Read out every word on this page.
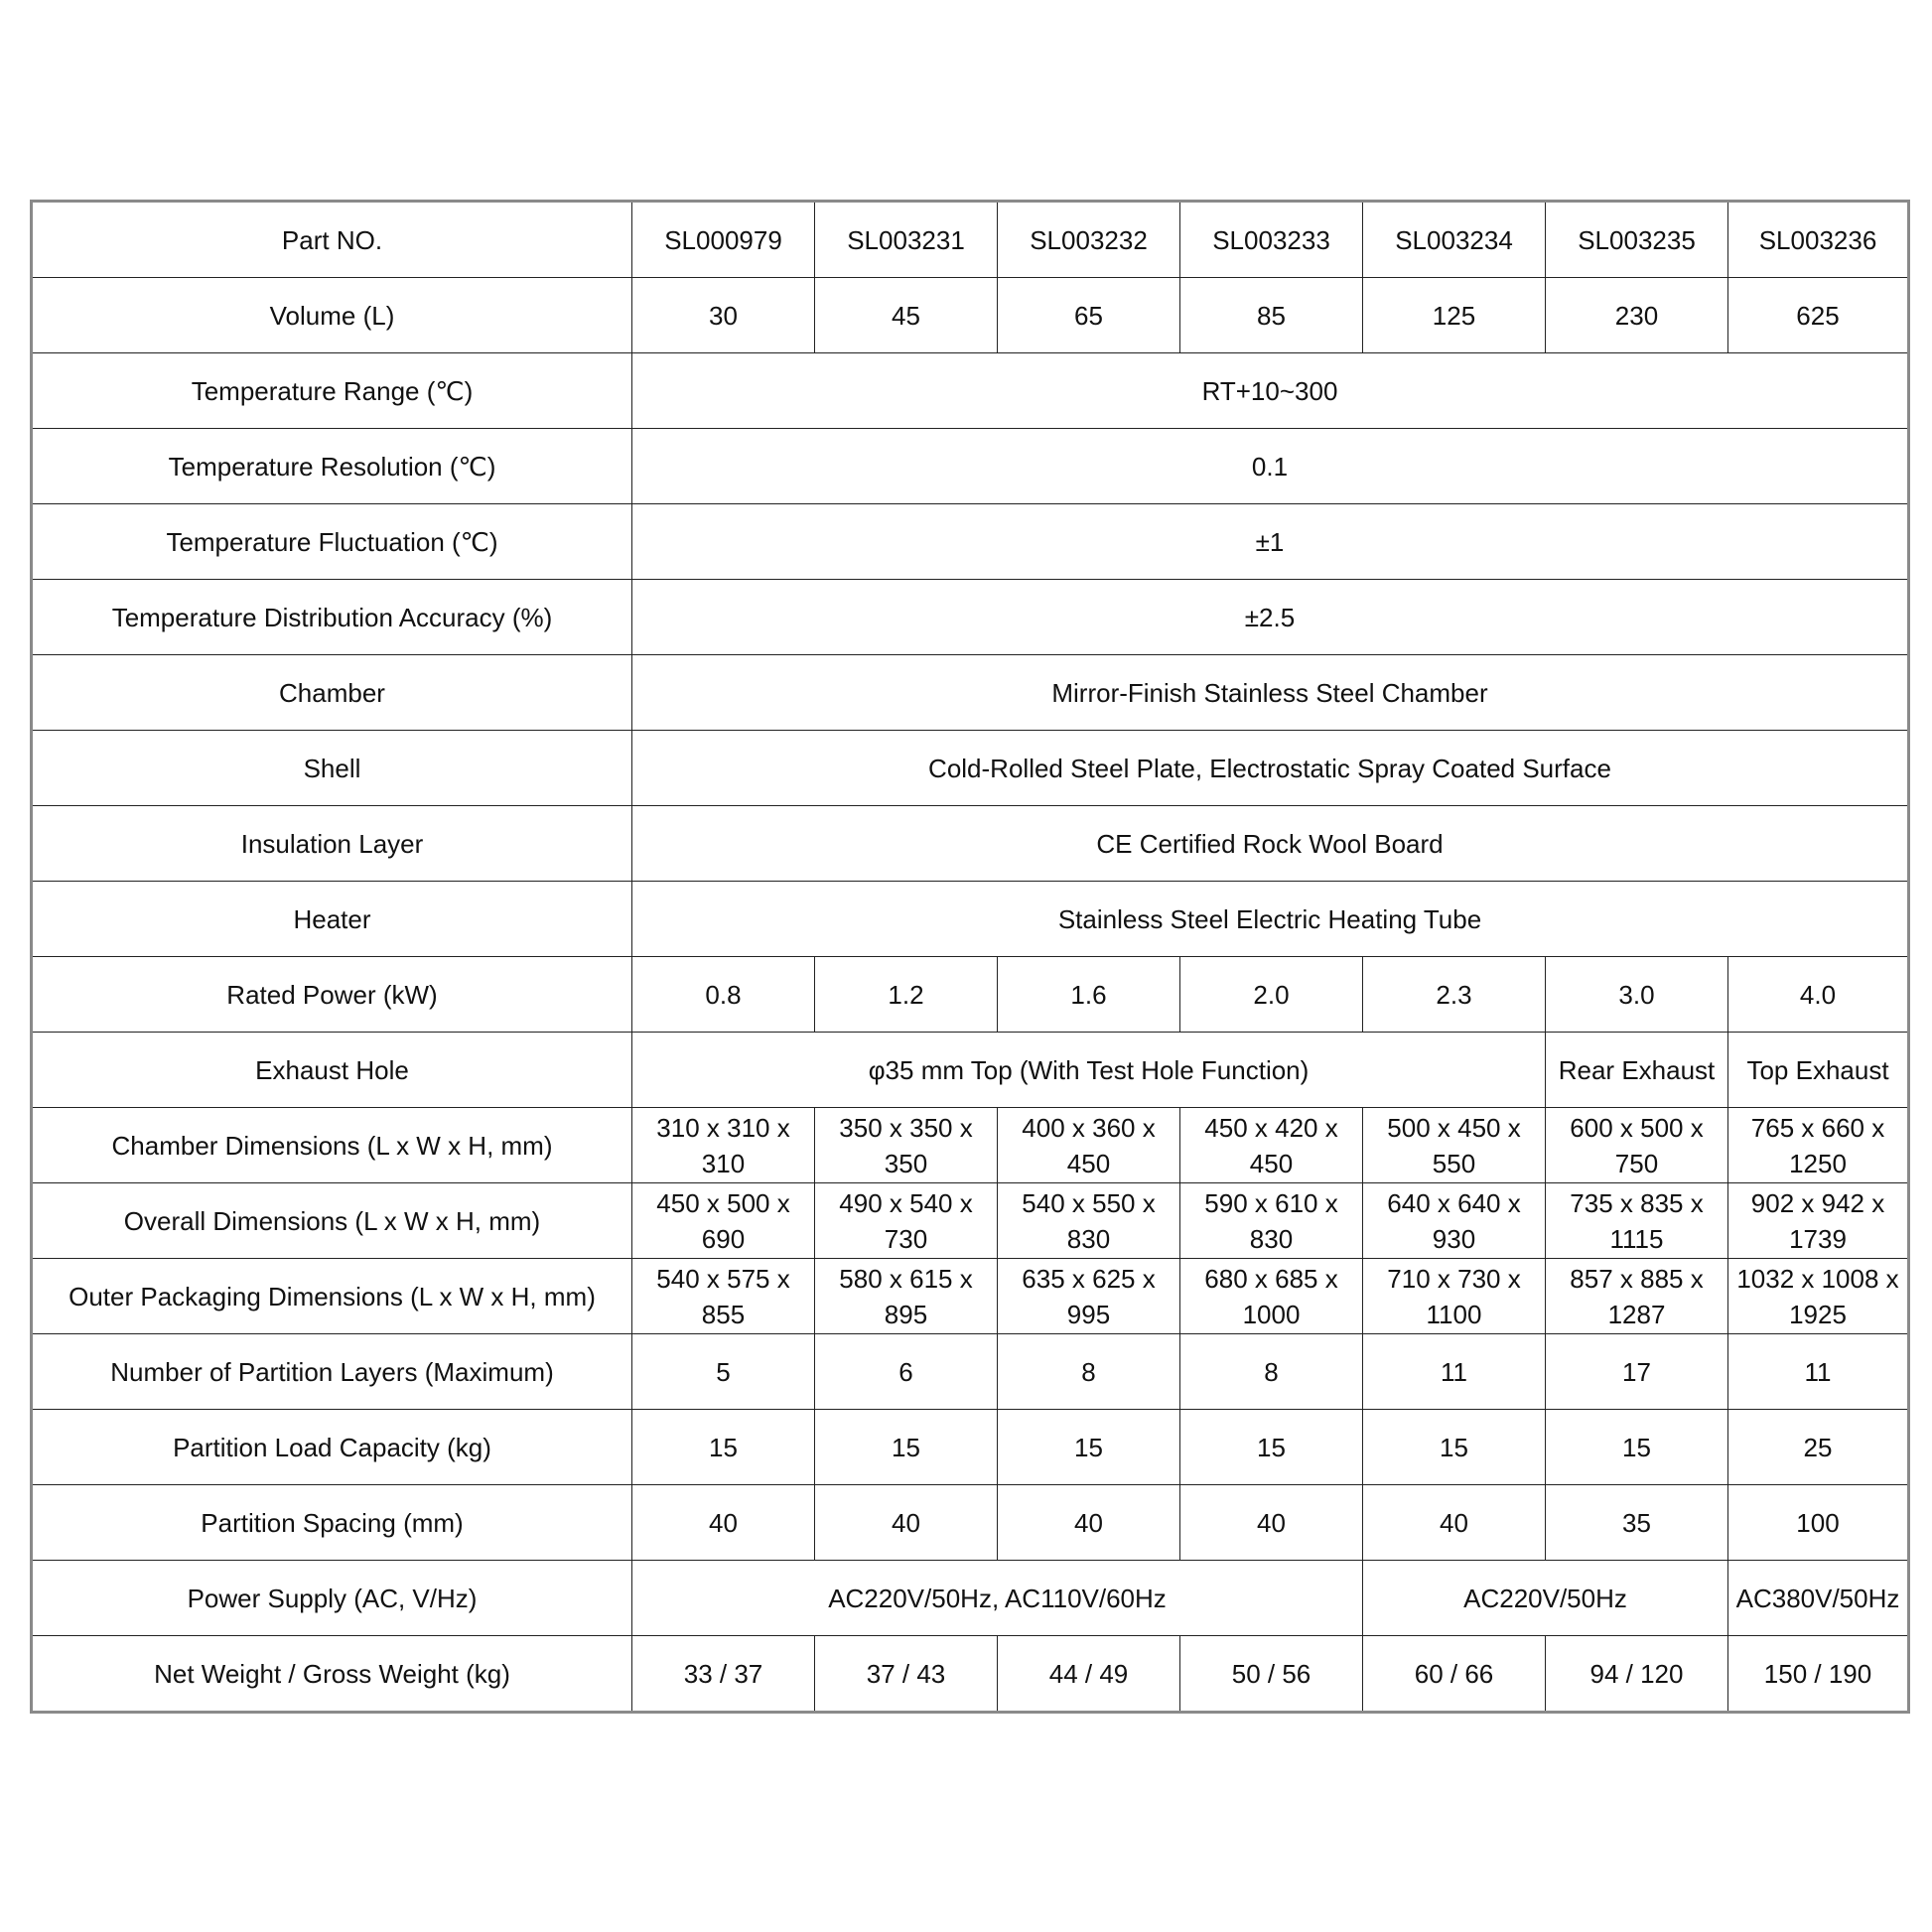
Part NO.	SL000979	SL003231	SL003232	SL003233	SL003234	SL003235	SL003236
Volume (L)	30	45	65	85	125	230	625
Temperature Range (℃)	RT+10~300						
Temperature Resolution (℃)	0.1						
Temperature Fluctuation (℃)	±1						
Temperature Distribution Accuracy (%)	±2.5						
Chamber	Mirror-Finish Stainless Steel Chamber						
Shell	Cold-Rolled Steel Plate, Electrostatic Spray Coated Surface						
Insulation Layer	CE Certified Rock Wool Board						
Heater	Stainless Steel Electric Heating Tube						
Rated Power (kW)	0.8	1.2	1.6	2.0	2.3	3.0	4.0
Exhaust Hole	φ35 mm Top (With Test Hole Function)					Rear Exhaust	Top Exhaust
Chamber Dimensions (L x W x H, mm)	310 x 310 x 310	350 x 350 x 350	400 x 360 x 450	450 x 420 x 450	500 x 450 x 550	600 x 500 x 750	765 x 660 x 1250
Overall Dimensions (L x W x H, mm)	450 x 500 x 690	490 x 540 x 730	540 x 550 x 830	590 x 610 x 830	640 x 640 x 930	735 x 835 x 1115	902 x 942 x 1739
Outer Packaging Dimensions (L x W x H, mm)	540 x 575 x 855	580 x 615 x 895	635 x 625 x 995	680 x 685 x 1000	710 x 730 x 1100	857 x 885 x 1287	1032 x 1008 x 1925
Number of Partition Layers (Maximum)	5	6	8	8	11	17	11
Partition Load Capacity (kg)	15	15	15	15	15	15	25
Partition Spacing (mm)	40	40	40	40	40	35	100
Power Supply (AC, V/Hz)	AC220V/50Hz, AC110V/60Hz				AC220V/50Hz		AC380V/50Hz
Net Weight / Gross Weight (kg)	33 / 37	37 / 43	44 / 49	50 / 56	60 / 66	94 / 120	150 / 190
